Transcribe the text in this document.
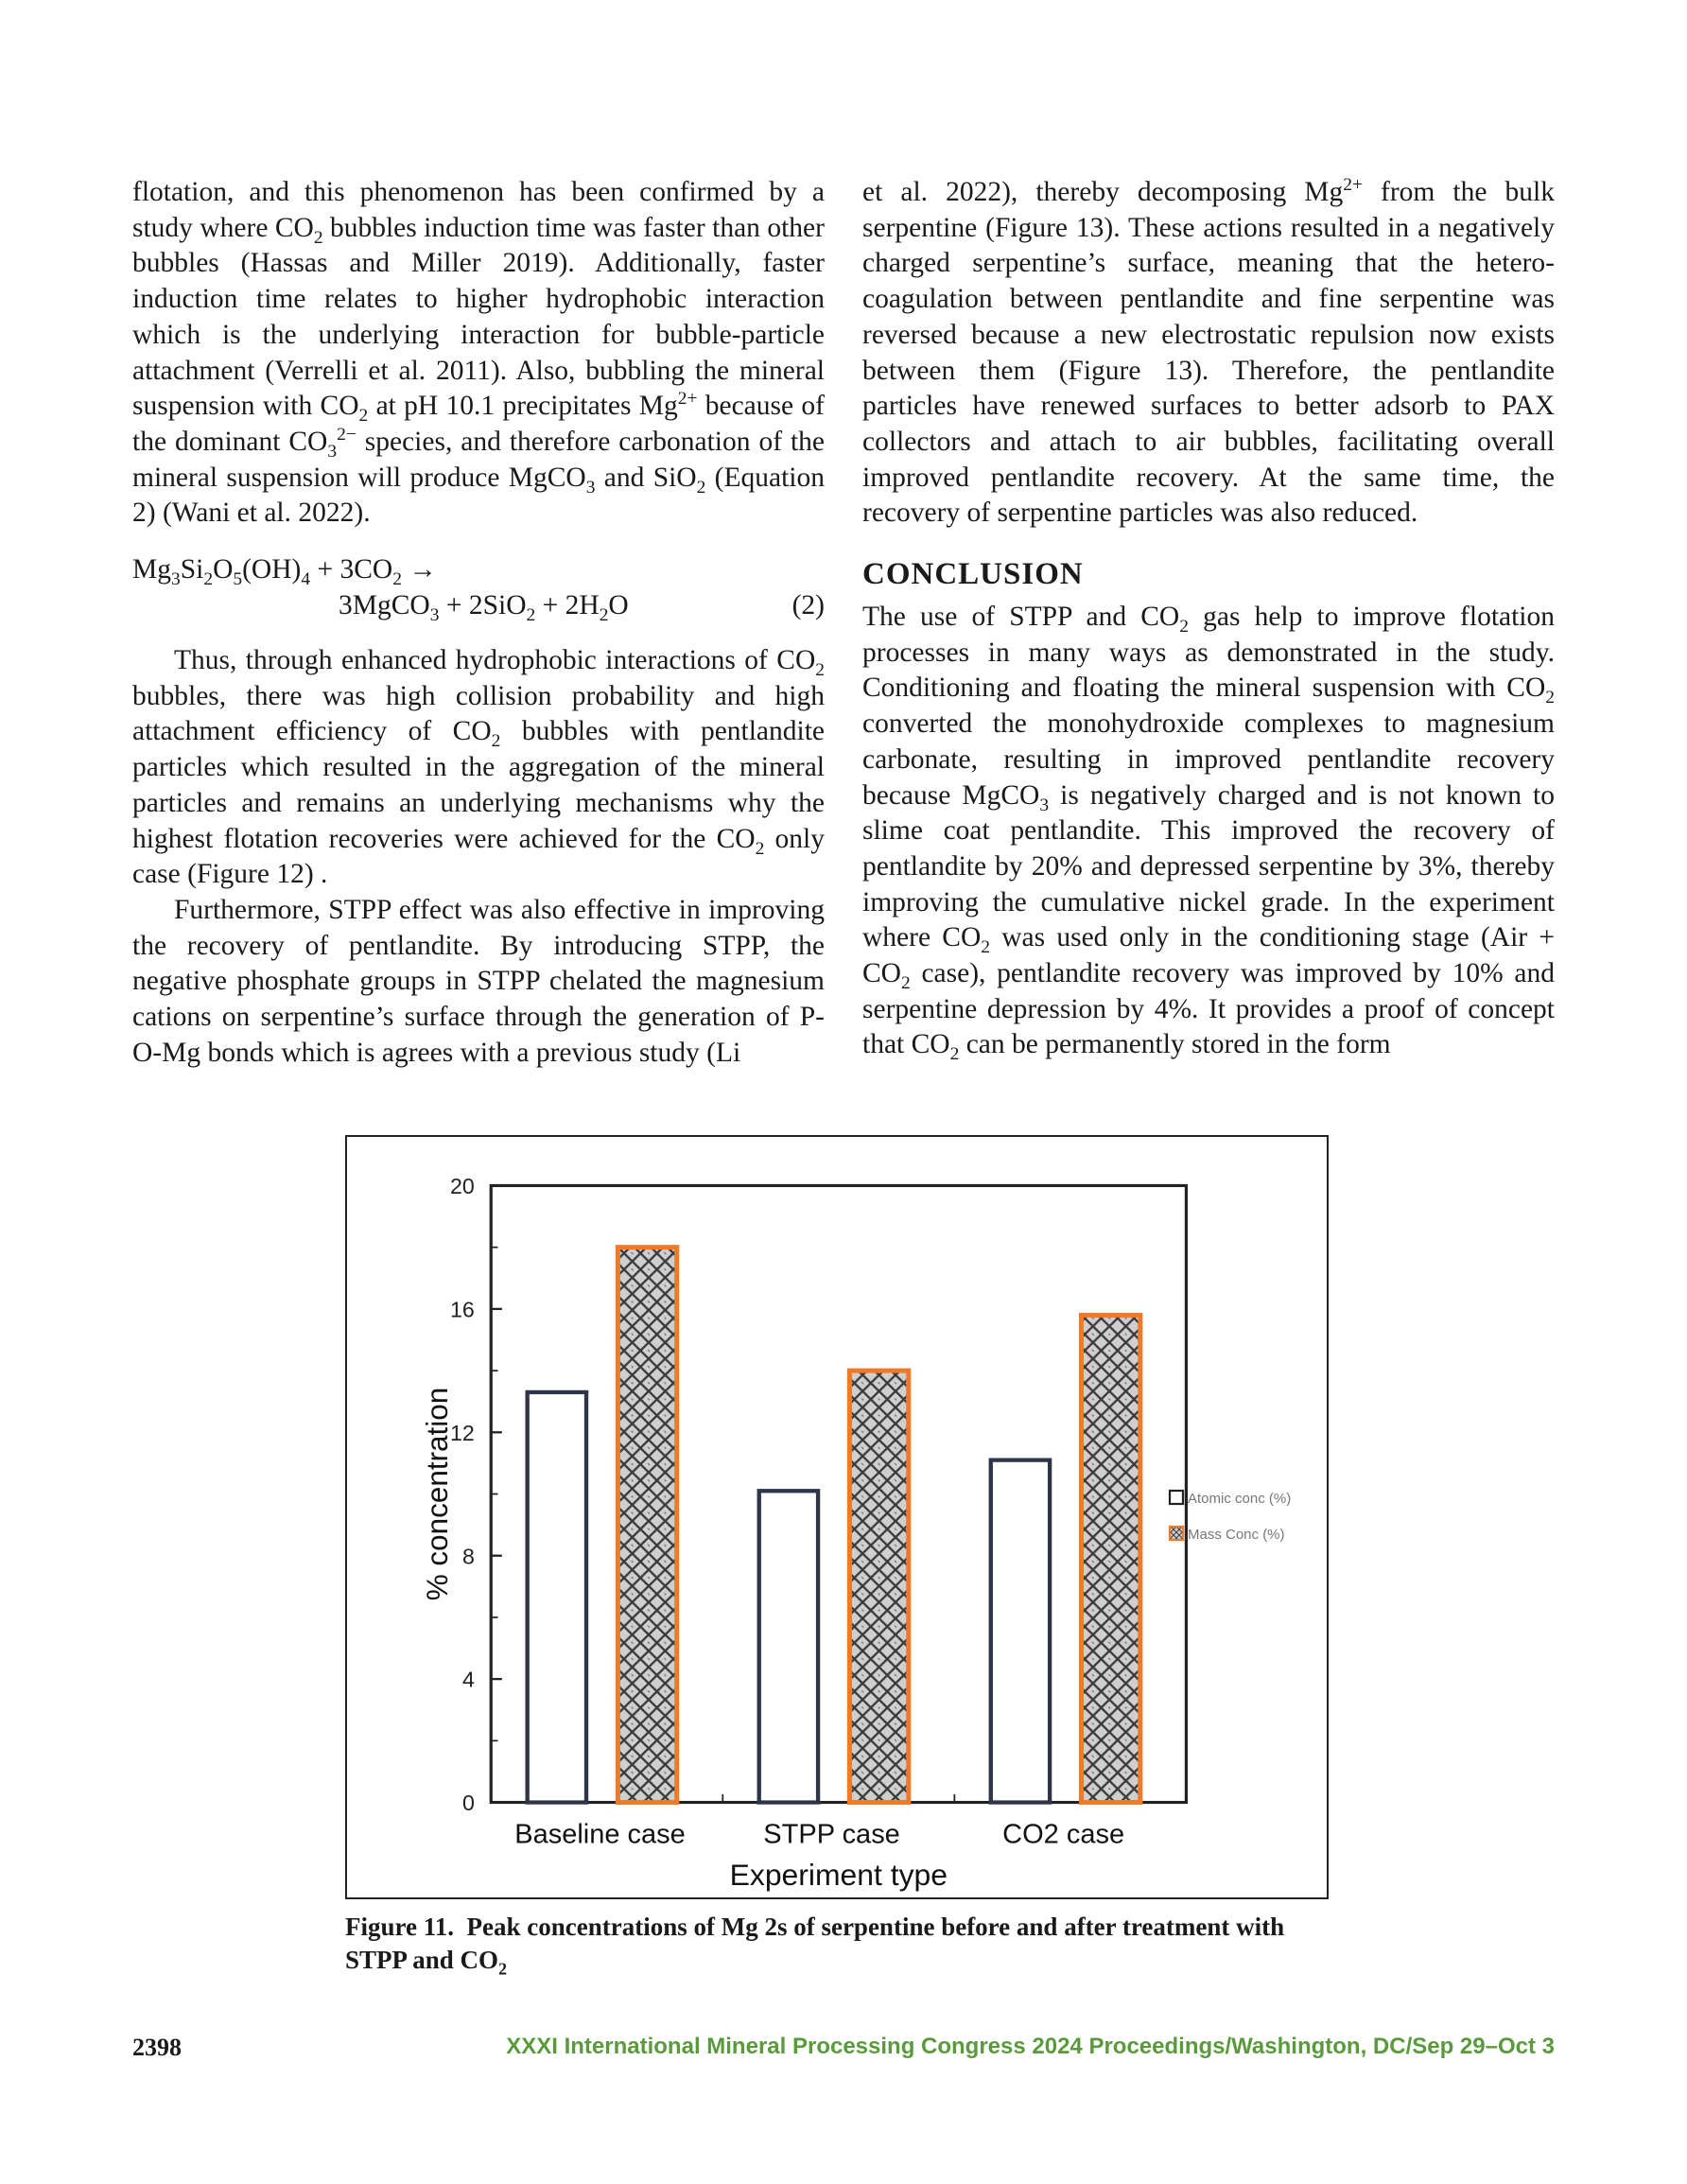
flotation, and this phenomenon has been confirmed by a study where $CO_2$ bubbles induction time was faster than other bubbles (Hassas and Miller 2019). Additionally, faster induction time relates to higher hydrophobic interaction which is the underlying interaction for bubble-particle attachment (Verrelli et al. 2011). Also, bubbling the mineral suspension with $CO_2$ at pH 10.1 precipitates $Mg^{2+}$ because of the dominant $CO_3^{2-}$ species, and therefore carbonation of the mineral suspension will produce MgCO$_3$ and SiO$_2$ (Equation 2) (Wani et al. 2022).

$Mg_3Si_2O_5(OH)_4 + 3CO_2$ →
3MgCO$_3$ + $2SiO_2 + 2H_2O$	(2)

Thus, through enhanced hydrophobic interactions of $CO_2$ bubbles, there was high collision probability and high attachment efficiency of $CO_2$ bubbles with pentlandite particles which resulted in the aggregation of the mineral particles and remains an underlying mechanisms why the highest flotation recoveries were achieved for the $CO_2$ only case (Figure 12) .

Furthermore, STPP effect was also effective in improving the recovery of pentlandite. By introducing STPP, the negative phosphate groups in STPP chelated the magnesium cations on serpentine’s surface through the generation of P-O-Mg bonds which is agrees with a previous study (Li

et al. 2022), thereby decomposing $Mg^{2+}$ from the bulk serpentine (Figure 13). These actions resulted in a negatively charged serpentine’s surface, meaning that the hetero-coagulation between pentlandite and fine serpentine was reversed because a new electrostatic repulsion now exists between them (Figure 13). Therefore, the pentlandite particles have renewed surfaces to better adsorb to PAX collectors and attach to air bubbles, facilitating overall improved pentlandite recovery. At the same time, the recovery of serpentine particles was also reduced.

CONCLUSION

The use of STPP and $CO_2$ gas help to improve flotation processes in many ways as demonstrated in the study. Conditioning and floating the mineral suspension with $CO_2$ converted the monohydroxide complexes to magnesium carbonate, resulting in improved pentlandite recovery because MgCO$_3$ is negatively charged and is not known to slime coat pentlandite. This improved the recovery of pentlandite by 20% and depressed serpentine by 3%, thereby improving the cumulative nickel grade. In the experiment where $CO_2$ was used only in the conditioning stage ($Air + CO_2$ case), pentlandite recovery was improved by 10% and serpentine depression by 4%. It provides a proof of concept that $CO_2$ can be permanently stored in the form

0
4
8
12
16
20
Baseline case	STPP case	CO2 case
Experiment type
% concentration	Atomic conc (%)
Mass Conc (%)
Figure 11. Peak concentrations of Mg 2s of serpentine before and after treatment with STPP and $CO_2$
2398	XXXI International Mineral Processing Congress 2024 Proceedings/Washington, DC/Sep 29–Oct 3
